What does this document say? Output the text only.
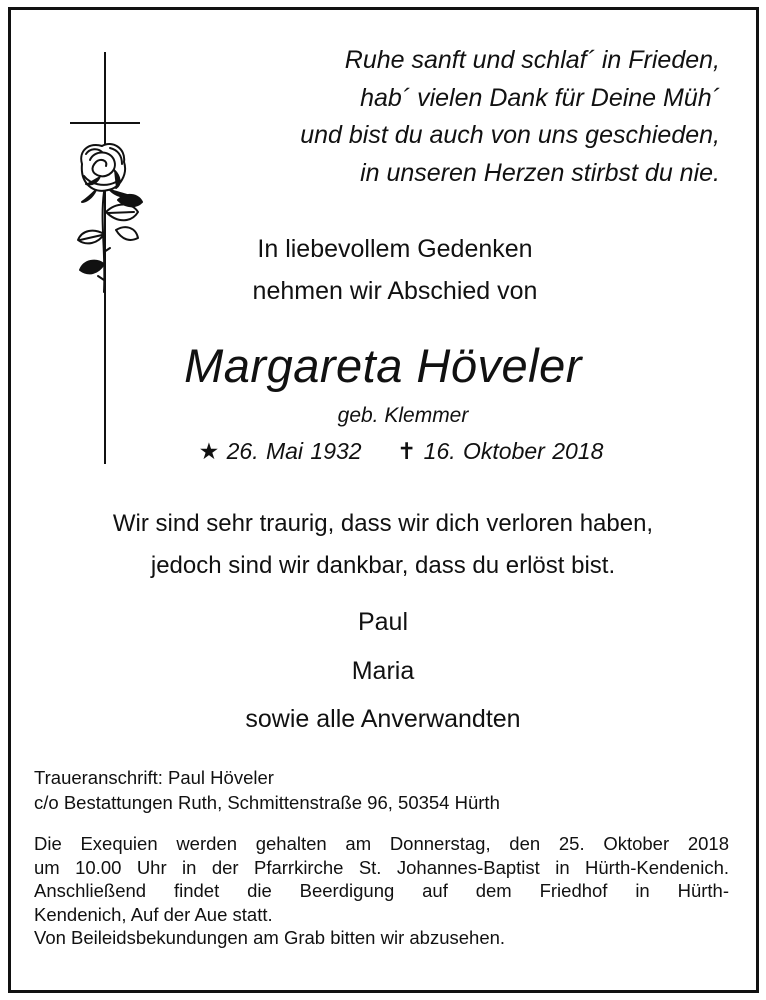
Ruhe sanft und schlaf´ in Frieden,
hab´ vielen Dank für Deine Müh´
und bist du auch von uns geschieden,
in unseren Herzen stirbst du nie.
In liebevollem Gedenken
nehmen wir Abschied von
Margareta Höveler
geb. Klemmer
★ 26. Mai 1932 ✝ 16. Oktober 2018
Wir sind sehr traurig, dass wir dich verloren haben,
jedoch sind wir dankbar, dass du erlöst bist.
Paul
Maria
sowie alle Anverwandten
Traueranschrift: Paul Höveler
c/o Bestattungen Ruth, Schmittenstraße 96, 50354 Hürth
Die Exequien werden gehalten am Donnerstag, den 25. Oktober 2018
um 10.00 Uhr in der Pfarrkirche St. Johannes-Baptist in Hürth-Kendenich.
Anschließend findet die Beerdigung auf dem Friedhof in Hürth-
Kendenich, Auf der Aue statt.
Von Beileidsbekundungen am Grab bitten wir abzusehen.
